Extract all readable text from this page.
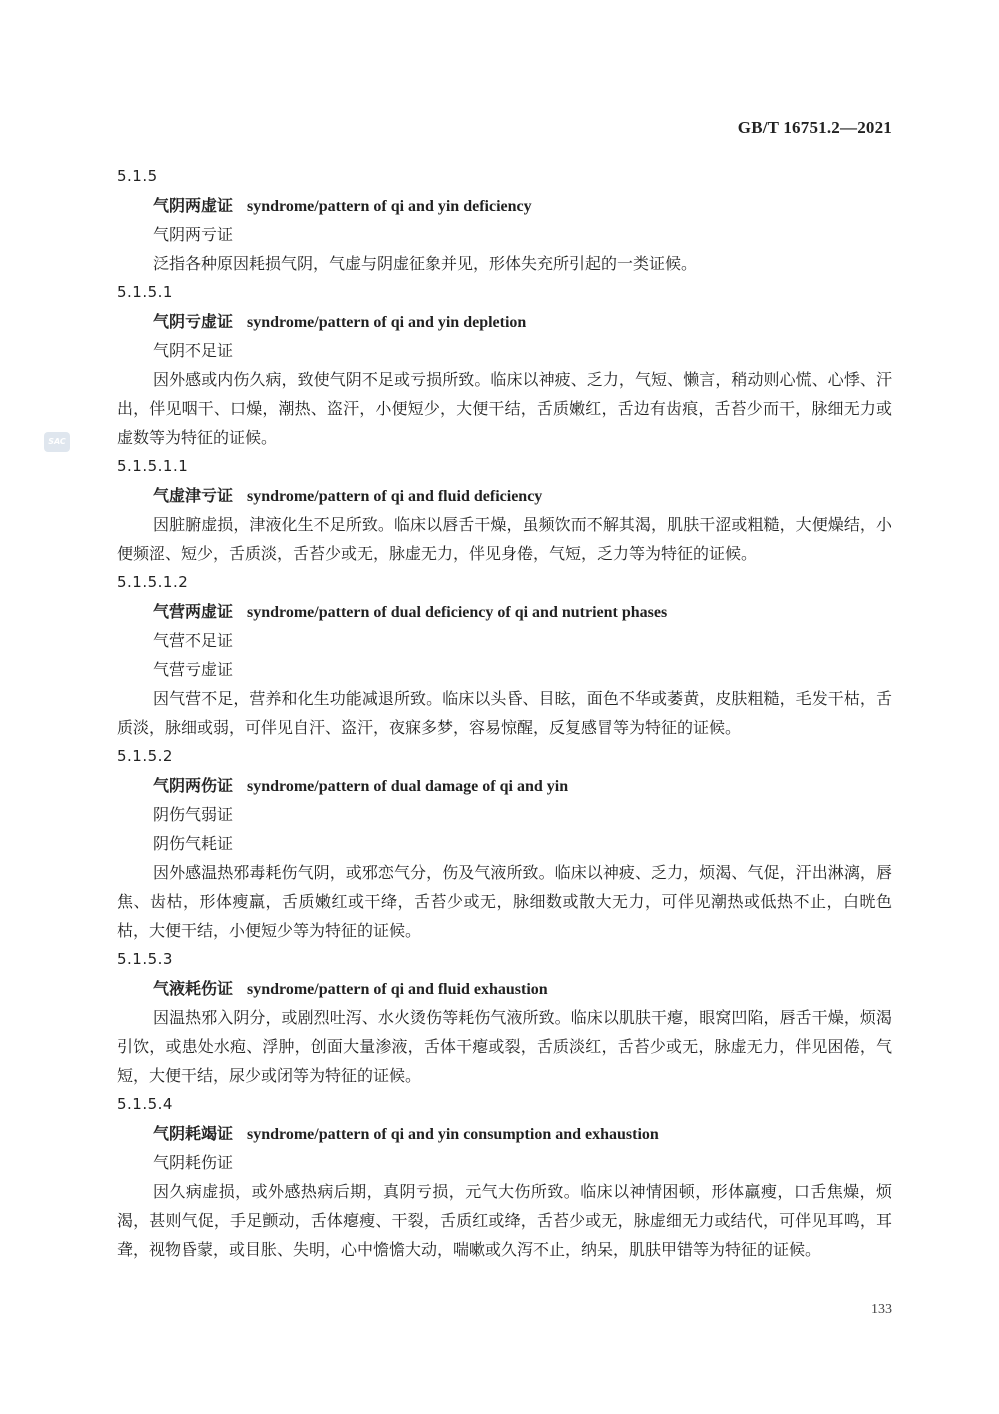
GB/T 16751.2—2021
SAC
5.1.5
气阴两虚证 syndrome/pattern of qi and yin deficiency
气阴两亏证
泛指各种原因耗损气阴，气虚与阴虚征象并见，形体失充所引起的一类证候。
5.1.5.1
气阴亏虚证 syndrome/pattern of qi and yin depletion
气阴不足证
因外感或内伤久病，致使气阴不足或亏损所致。临床以神疲、乏力，气短、懒言，稍动则心慌、心悸、汗出，伴见咽干、口燥，潮热、盗汗，小便短少，大便干结，舌质嫩红，舌边有齿痕，舌苔少而干，脉细无力或虚数等为特征的证候。
5.1.5.1.1
气虚津亏证 syndrome/pattern of qi and fluid deficiency
因脏腑虚损，津液化生不足所致。临床以唇舌干燥，虽频饮而不解其渴，肌肤干涩或粗糙，大便燥结，小便频涩、短少，舌质淡，舌苔少或无，脉虚无力，伴见身倦，气短，乏力等为特征的证候。
5.1.5.1.2
气营两虚证 syndrome/pattern of dual deficiency of qi and nutrient phases
气营不足证
气营亏虚证
因气营不足，营养和化生功能减退所致。临床以头昏、目眩，面色不华或萎黄，皮肤粗糙，毛发干枯，舌质淡，脉细或弱，可伴见自汗、盗汗，夜寐多梦，容易惊醒，反复感冒等为特征的证候。
5.1.5.2
气阴两伤证 syndrome/pattern of dual damage of qi and yin
阴伤气弱证
阴伤气耗证
因外感温热邪毒耗伤气阴，或邪恋气分，伤及气液所致。临床以神疲、乏力，烦渴、气促，汗出淋漓，唇焦、齿枯，形体瘦羸，舌质嫩红或干绛，舌苔少或无，脉细数或散大无力，可伴见潮热或低热不止，白晄色枯，大便干结，小便短少等为特征的证候。
5.1.5.3
气液耗伤证 syndrome/pattern of qi and fluid exhaustion
因温热邪入阴分，或剧烈吐泻、水火烫伤等耗伤气液所致。临床以肌肤干瘪，眼窝凹陷，唇舌干燥，烦渴引饮，或患处水疱、浮肿，创面大量渗液，舌体干瘪或裂，舌质淡红，舌苔少或无，脉虚无力，伴见困倦，气短，大便干结，尿少或闭等为特征的证候。
5.1.5.4
气阴耗竭证 syndrome/pattern of qi and yin consumption and exhaustion
气阴耗伤证
因久病虚损，或外感热病后期，真阴亏损，元气大伤所致。临床以神情困顿，形体羸瘦，口舌焦燥，烦渴，甚则气促，手足颤动，舌体瘪瘦、干裂，舌质红或绛，舌苔少或无，脉虚细无力或结代，可伴见耳鸣，耳聋，视物昏蒙，或目胀、失明，心中憺憺大动，喘嗽或久泻不止，纳呆，肌肤甲错等为特征的证候。
133
